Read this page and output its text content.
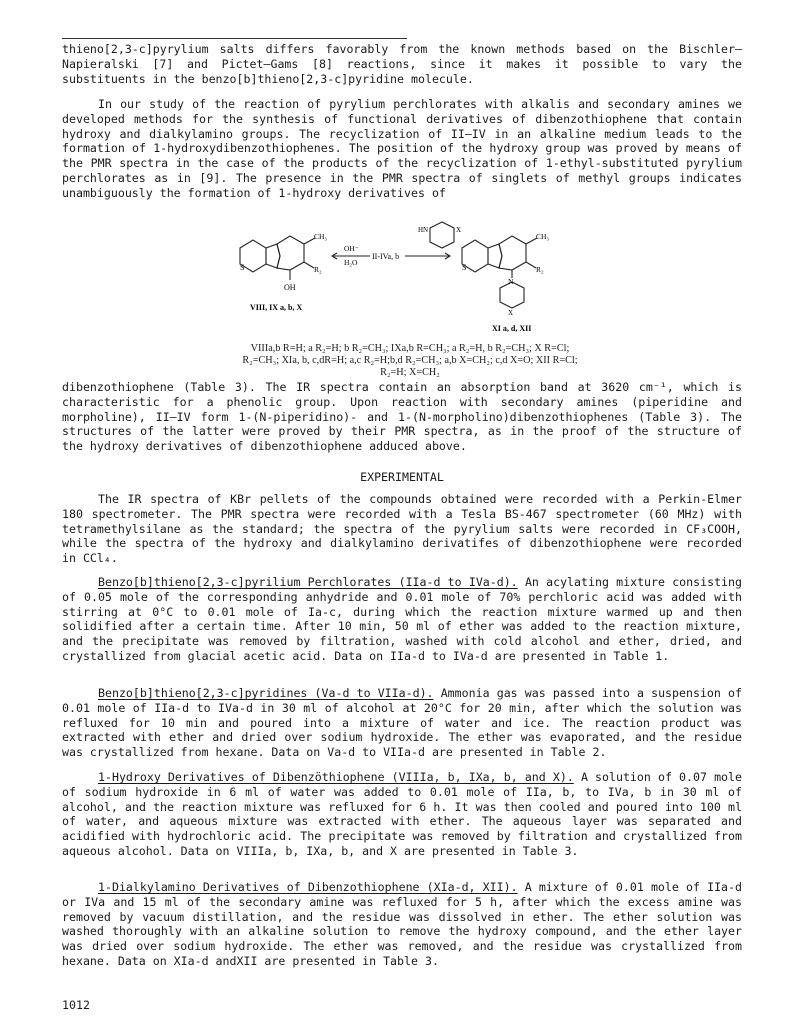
thieno[2,3-c]pyrylium salts differs favorably from the known methods based on the Bischler–Napieralski [7] and Pictet–Gams [8] reactions, since it makes it possible to vary the substituents in the benzo[b]thieno[2,3-c]pyridine molecule.

In our study of the reaction of pyrylium perchlorates with alkalis and secondary amines we developed methods for the synthesis of functional derivatives of dibenzothiophene that contain hydroxy and dialkylamino groups. The recyclization of II–IV in an alkaline medium leads to the formation of 1-hydroxydibenzothiophenes. The position of the hydroxy group was proved by means of the PMR spectra in the case of the products of the recyclization of 1-ethyl-substituted pyrylium perchlorates as in [9]. The presence in the PMR spectra of singlets of methyl groups indicates unambiguously the formation of 1-hydroxy derivatives of

CH₃
R₂
S
OH
VIII, IX a, b, X
OH⁻
H₂O
II-IVa, b
HN	X
CH₃
R₂
S
N
X
XI a, d, XII
VIIIa,b R=H; a R₂=H; b R₂=CH₃; IXa,b R=CH₃; a R₂=H, b R₂=CH₃; X R=Cl;
R₂=CH₃; XIa, b, c,dR=H; a,c R₂=H;b,d R₂=CH₃; a,b X=CH₂; c,d X=O; XII R=Cl;
R₂=H; X=CH₂

dibenzothiophene (Table 3). The IR spectra contain an absorption band at 3620 cm⁻¹, which is characteristic for a phenolic group. Upon reaction with secondary amines (piperidine and morpholine), II–IV form 1-(N-piperidino)- and 1-(N-morpholino)dibenzothiophenes (Table 3). The structures of the latter were proved by their PMR spectra, as in the proof of the structure of the hydroxy derivatives of dibenzothiophene adduced above.

EXPERIMENTAL

The IR spectra of KBr pellets of the compounds obtained were recorded with a Perkin-Elmer 180 spectrometer. The PMR spectra were recorded with a Tesla BS-467 spectrometer (60 MHz) with tetramethylsilane as the standard; the spectra of the pyrylium salts were recorded in CF₃COOH, while the spectra of the hydroxy and dialkylamino derivatifes of dibenzothiophene were recorded in CCl₄.

Benzo[b]thieno[2,3-c]pyrilium Perchlorates (IIa-d to IVa-d). An acylating mixture consisting of 0.05 mole of the corresponding anhydride and 0.01 mole of 70% perchloric acid was added with stirring at 0°C to 0.01 mole of Ia-c, during which the reaction mixture warmed up and then solidified after a certain time. After 10 min, 50 ml of ether was added to the reaction mixture, and the precipitate was removed by filtration, washed with cold alcohol and ether, dried, and crystallized from glacial acetic acid. Data on IIa-d to IVa-d are presented in Table 1.

Benzo[b]thieno[2,3-c]pyridines (Va-d to VIIa-d). Ammonia gas was passed into a suspension of 0.01 mole of IIa-d to IVa-d in 30 ml of alcohol at 20°C for 20 min, after which the solution was refluxed for 10 min and poured into a mixture of water and ice. The reaction product was extracted with ether and dried over sodium hydroxide. The ether was evaporated, and the residue was crystallized from hexane. Data on Va-d to VIIa-d are presented in Table 2.

1-Hydroxy Derivatives of Dibenzöthiophene (VIIIa, b, IXa, b, and X). A solution of 0.07 mole of sodium hydroxide in 6 ml of water was added to 0.01 mole of IIa, b, to IVa, b in 30 ml of alcohol, and the reaction mixture was refluxed for 6 h. It was then cooled and poured into 100 ml of water, and aqueous mixture was extracted with ether. The aqueous layer was separated and acidified with hydrochloric acid. The precipitate was removed by filtration and crystallized from aqueous alcohol. Data on VIIIa, b, IXa, b, and X are presented in Table 3.

1-Dialkylamino Derivatives of Dibenzothiophene (XIa-d, XII). A mixture of 0.01 mole of IIa-d or IVa and 15 ml of the secondary amine was refluxed for 5 h, after which the excess amine was removed by vacuum distillation, and the residue was dissolved in ether. The ether solution was washed thoroughly with an alkaline solution to remove the hydroxy compound, and the ether layer was dried over sodium hydroxide. The ether was removed, and the residue was crystallized from hexane. Data on XIa-d andXII are presented in Table 3.

1012
